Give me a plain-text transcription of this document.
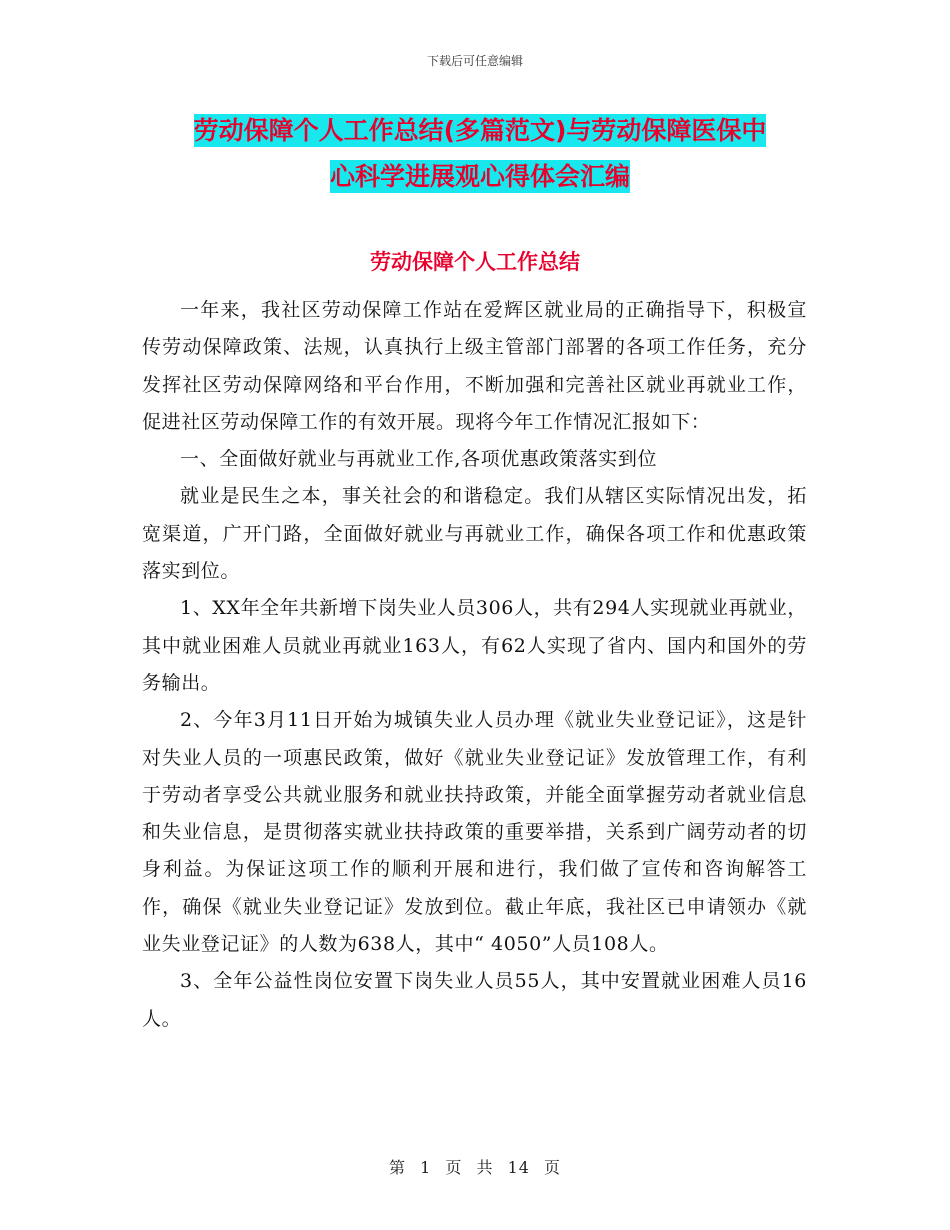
下载后可任意编辑
劳动保障个人工作总结(多篇范文)与劳动保障医保中
心科学进展观心得体会汇编
劳动保障个人工作总结

一年来，我社区劳动保障工作站在爱辉区就业局的正确指导下，积极宣传劳动保障政策、法规，认真执行上级主管部门部署的各项工作任务，充分发挥社区劳动保障网络和平台作用，不断加强和完善社区就业再就业工作，促进社区劳动保障工作的有效开展。现将今年工作情况汇报如下：

一、全面做好就业与再就业工作,各项优惠政策落实到位

就业是民生之本，事关社会的和谐稳定。我们从辖区实际情况出发，拓宽渠道，广开门路，全面做好就业与再就业工作，确保各项工作和优惠政策落实到位。

1、XX年全年共新增下岗失业人员306人，共有294人实现就业再就业，其中就业困难人员就业再就业163人，有62人实现了省内、国内和国外的劳务输出。

2、今年3月11日开始为城镇失业人员办理《就业失业登记证》，这是针对失业人员的一项惠民政策，做好《就业失业登记证》发放管理工作，有利于劳动者享受公共就业服务和就业扶持政策，并能全面掌握劳动者就业信息和失业信息，是贯彻落实就业扶持政策的重要举措，关系到广阔劳动者的切身利益。为保证这项工作的顺利开展和进行，我们做了宣传和咨询解答工作，确保《就业失业登记证》发放到位。截止年底，我社区已申请领办《就业失业登记证》的人数为638人，其中“ 4050”人员108人。

3、全年公益性岗位安置下岗失业人员55人，其中安置就业困难人员16人。

第 1 页 共 14 页
